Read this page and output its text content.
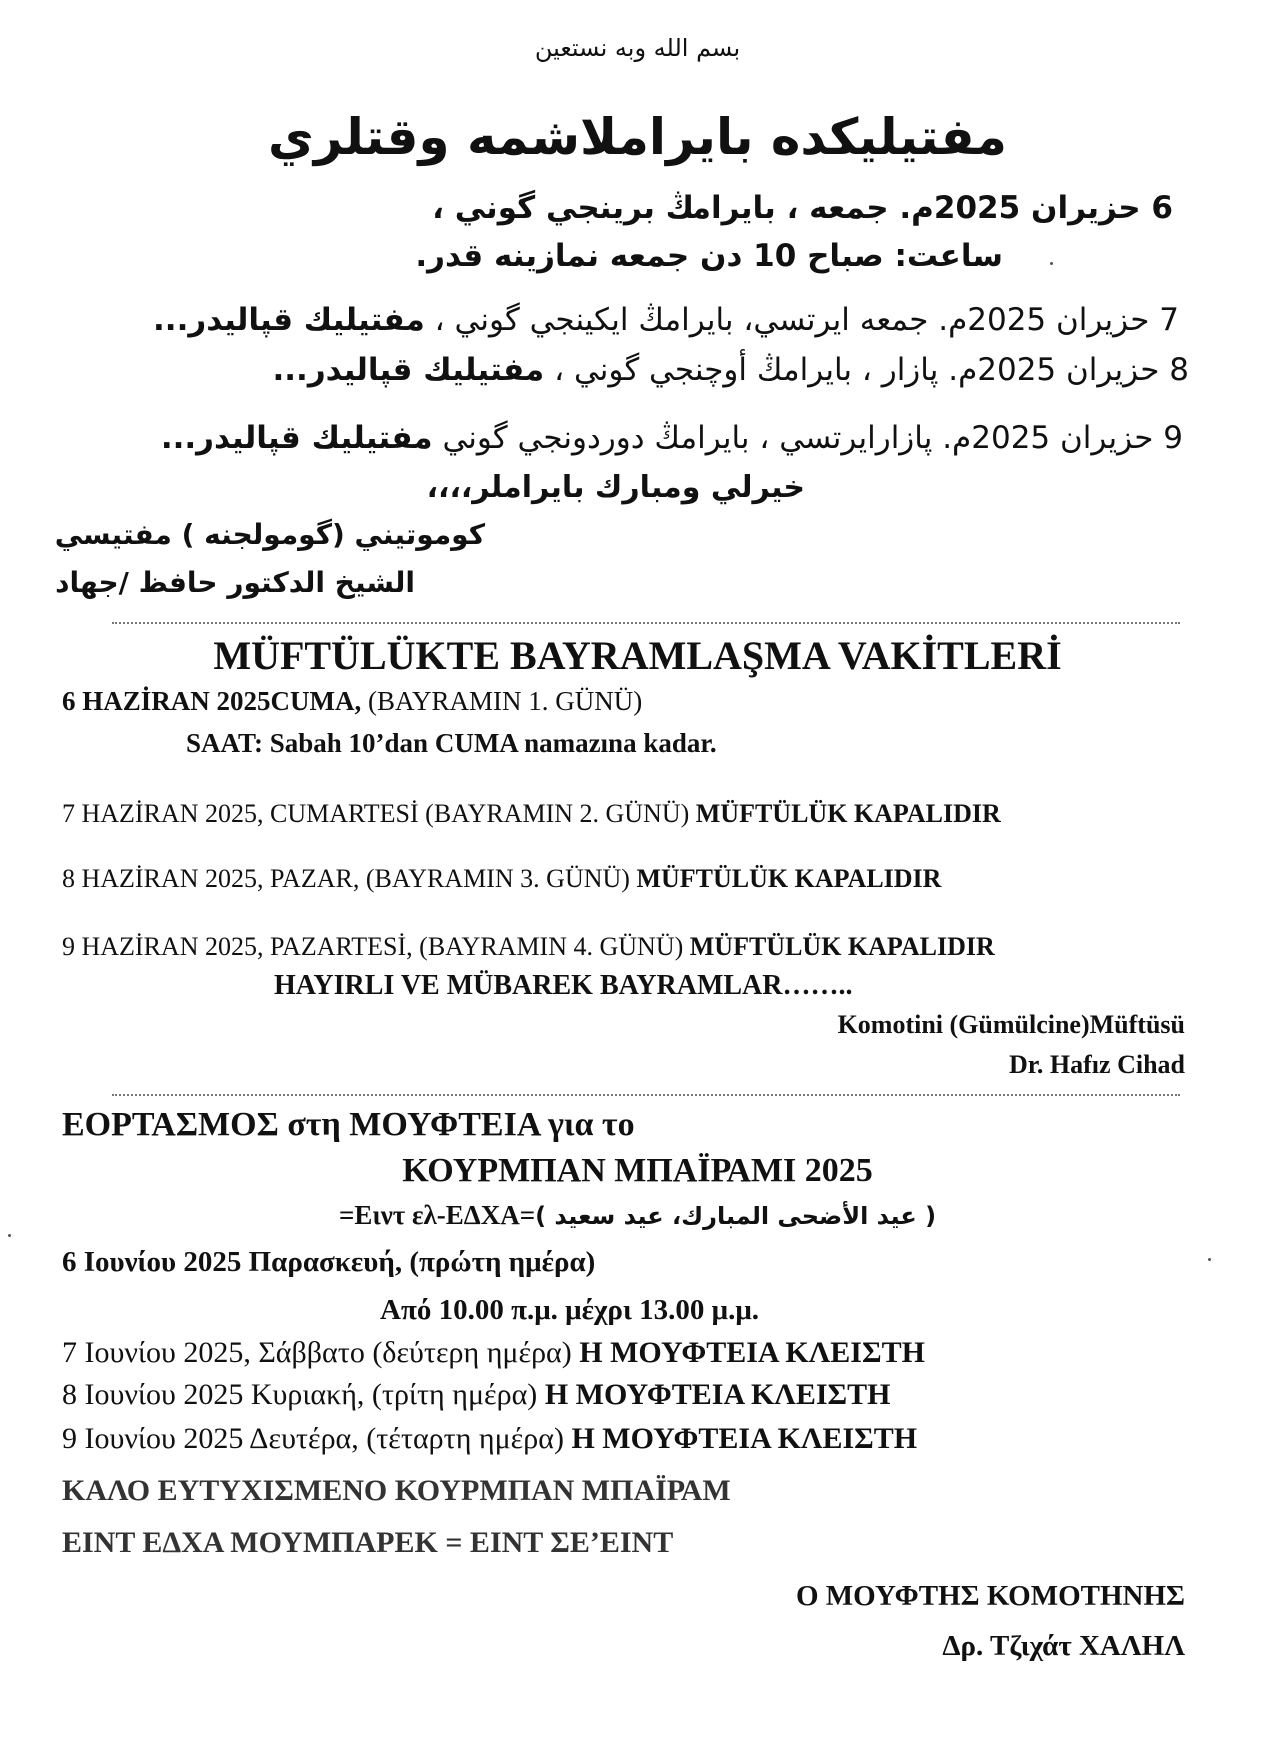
بسم الله وبه نستعين
مفتيليكده بايراملاشمه وقتلري
6 حزيران 2025م. جمعه ، بايرامڭ برينجي گوني ،
ساعت: صباح 10 دن جمعه نمازينه قدر.
7 حزيران 2025م. جمعه ايرتسي، بايرامڭ ايكينجي گوني ، مفتيليك قپاليدر...
8 حزيران 2025م. پازار ، بايرامڭ أوچنجي گوني ، مفتيليك قپاليدر...
9 حزيران 2025م. پازارايرتسي ، بايرامڭ دوردونجي گوني مفتيليك قپاليدر...
خيرلي ومبارك بايراملر،،،،
كوموتيني (گومولجنه ) مفتيسي
الشيخ الدكتور حافظ /جهاد
MÜFTÜLÜKTE BAYRAMLAŞMA VAKİTLERİ
6 HAZİRAN 2025CUMA, (BAYRAMIN 1. GÜNÜ)
SAAT: Sabah 10’dan CUMA namazına kadar.
7 HAZİRAN 2025, CUMARTESİ (BAYRAMIN 2. GÜNÜ) MÜFTÜLÜK KAPALIDIR
8 HAZİRAN 2025, PAZAR, (BAYRAMIN 3. GÜNÜ) MÜFTÜLÜK KAPALIDIR
9 HAZİRAN 2025, PAZARTESİ, (BAYRAMIN 4. GÜNÜ) MÜFTÜLÜK KAPALIDIR
HAYIRLI VE MÜBAREK BAYRAMLAR……..
Komotini (Gümülcine)Müftüsü
Dr. Hafız Cihad
ΕΟΡΤΑΣΜΟΣ στη ΜΟΥΦΤΕΙΑ για το
ΚΟΥΡΜΠΑΝ ΜΠΑΪΡΑΜΙ 2025
=Ειντ ελ-ΕΔΧΑ=( عيد الأضحى المبارك، عيد سعيد )
6 Ιουνίου 2025 Παρασκευή, (πρώτη ημέρα)
Από 10.00 π.μ. μέχρι 13.00 μ.μ.
7 Ιουνίου 2025, Σάββατο (δεύτερη ημέρα) Η ΜΟΥΦΤΕΙΑ ΚΛΕΙΣΤΗ
8 Ιουνίου 2025 Κυριακή, (τρίτη ημέρα) Η ΜΟΥΦΤΕΙΑ ΚΛΕΙΣΤΗ
9 Ιουνίου 2025 Δευτέρα, (τέταρτη ημέρα) Η ΜΟΥΦΤΕΙΑ ΚΛΕΙΣΤΗ
ΚΑΛΟ ΕΥΤΥΧΙΣΜΕΝΟ ΚΟΥΡΜΠΑΝ ΜΠΑΪΡΑΜ
ΕΙΝΤ ΕΔΧΑ ΜΟΥΜΠΑΡΕΚ = ΕΙΝΤ ΣΕ’ΕΙΝΤ
Ο ΜΟΥΦΤΗΣ ΚΟΜΟΤΗΝΗΣ
Δρ. Τζιχάτ ΧΑΛΗΛ
